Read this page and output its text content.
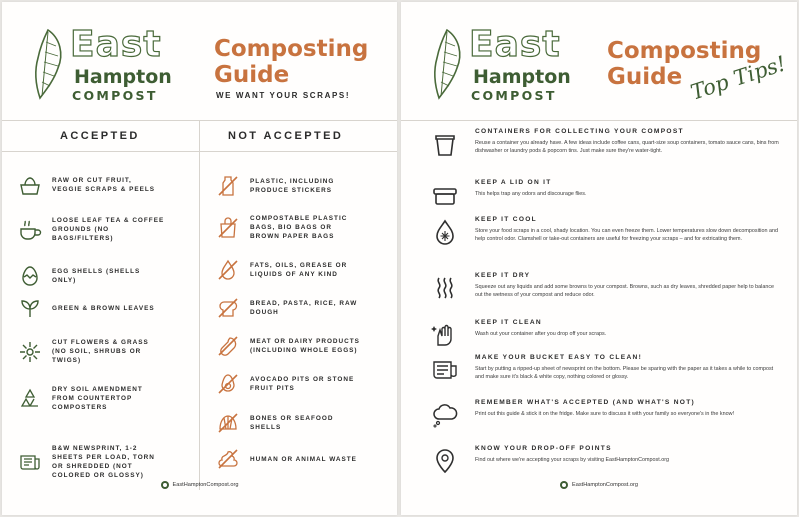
East
Hampton
COMPOST
Composting
Guide
WE WANT YOUR SCRAPS!
ACCEPTED	NOT ACCEPTED
RAW OR CUT FRUIT,
VEGGIE SCRAPS & PEELS
LOOSE LEAF TEA & COFFEE
GROUNDS (NO
BAGS/FILTERS)
EGG SHELLS (SHELLS
ONLY)
GREEN & BROWN LEAVES
CUT FLOWERS & GRASS
(NO SOIL, SHRUBS OR
TWIGS)
DRY SOIL AMENDMENT
FROM COUNTERTOP
COMPOSTERS
B&W NEWSPRINT, 1-2
SHEETS PER LOAD, TORN
OR SHREDDED (NOT
COLORED OR GLOSSY)
PLASTIC, INCLUDING
PRODUCE STICKERS
COMPOSTABLE PLASTIC
BAGS, BIO BAGS OR
BROWN PAPER BAGS
FATS, OILS, GREASE OR
LIQUIDS OF ANY KIND
BREAD, PASTA, RICE, RAW
DOUGH
MEAT OR DAIRY PRODUCTS
(INCLUDING WHOLE EGGS)
AVOCADO PITS OR STONE
FRUIT PITS
BONES OR SEAFOOD
SHELLS
HUMAN OR ANIMAL WASTE
EastHamptonCompost.org
East
Hampton
COMPOST
Composting
Guide Top Tips!
CONTAINERS FOR COLLECTING YOUR COMPOST
Reuse a container you already have. A few ideas include coffee cans, quart-size soup containers, tomato sauce cans, bins from dishwasher or laundry pods & popcorn tins. Just make sure they're water-tight.
KEEP A LID ON IT
This helps trap any odors and discourage flies.
KEEP IT COOL
Store your food scraps in a cool, shady location. You can even freeze them. Lower temperatures slow down decomposition and help control odor. Clamshell or take-out containers are useful for freezing your scraps – and for extricating them.
KEEP IT DRY
Squeeze out any liquids and add some browns to your compost. Browns, such as dry leaves, shredded paper help to balance out the wetness of your compost and reduce odor.
KEEP IT CLEAN
Wash out your container after you drop off your scraps.
MAKE YOUR BUCKET EASY TO CLEAN!
Start by putting a ripped-up sheet of newsprint on the bottom. Please be sparing with the paper as it takes a while to compost and make sure it's black & white copy, nothing colored or glossy.
REMEMBER WHAT'S ACCEPTED (AND WHAT'S NOT)
Print out this guide & stick it on the fridge. Make sure to discuss it with your family so everyone's in the know!
KNOW YOUR DROP-OFF POINTS
Find out where we're accepting your scraps by visiting EastHamptonCompost.org
EastHamptonCompost.org
